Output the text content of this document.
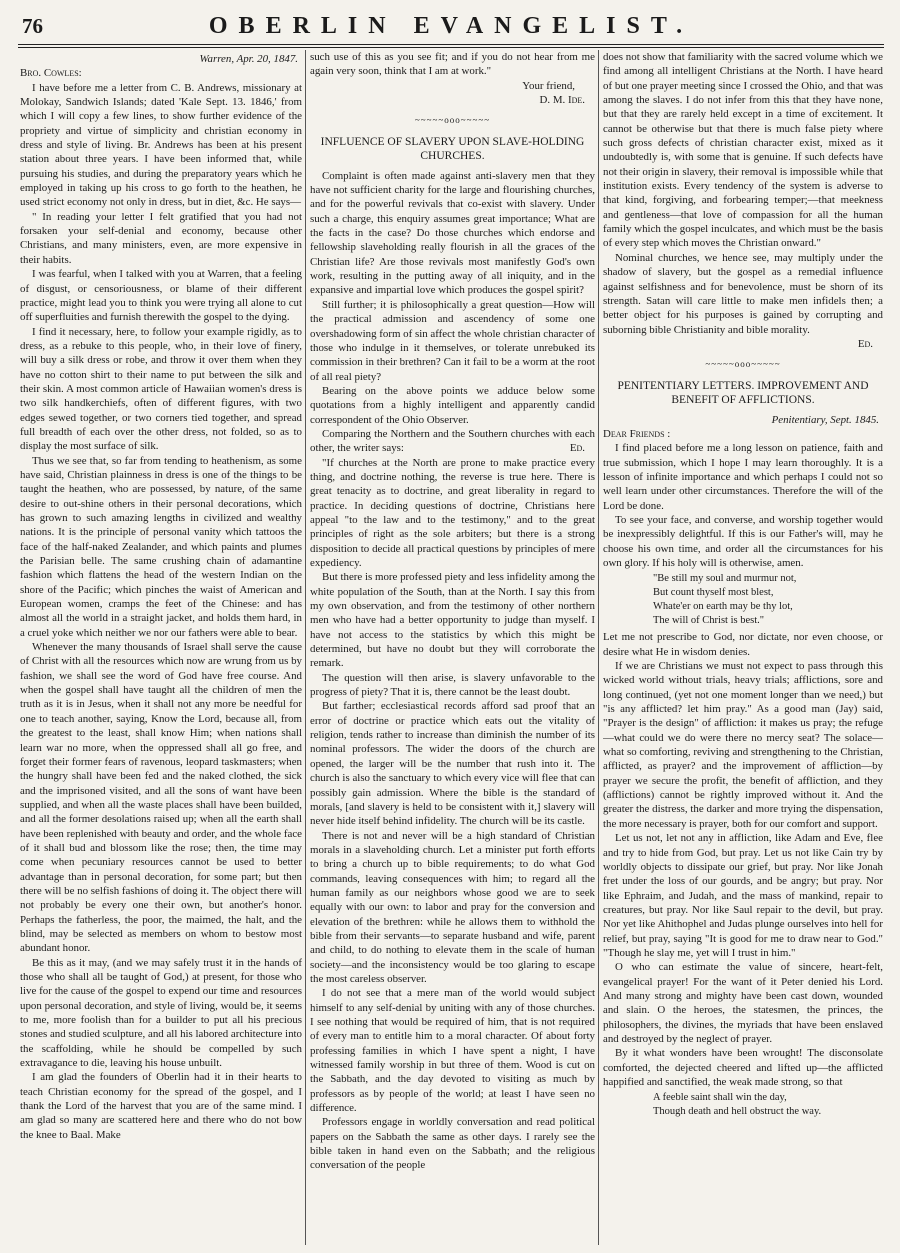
76	OBERLIN EVANGELIST.
Warren, Apr. 20, 1847.

Bro. Cowles:

I have before me a letter from C. B. Andrews, missionary at Molokay, Sandwich Islands; dated 'Kale Sept. 13. 1846,' from which I will copy a few lines, to show further evidence of the propriety and virtue of simplicity and christian economy in dress and style of living. Br. Andrews has been at his present station about three years. I have been informed that, while pursuing his studies, and during the preparatory years which he employed in taking up his cross to go forth to the heathen, he used strict economy not only in dress, but in diet, &c. He says—

" In reading your letter I felt gratified that you had not forsaken your self-denial and economy, because other Christians, and many ministers, even, are more expensive in their habits.

I was fearful, when I talked with you at Warren, that a feeling of disgust, or censoriousness, or blame of their different practice, might lead you to think you were trying all alone to cut off superfluities and furnish therewith the gospel to the dying.

I find it necessary, here, to follow your example rigidly, as to dress, as a rebuke to this people, who, in their love of finery, will buy a silk dress or robe, and throw it over them when they have no cotton shirt to their name to put between the silk and their skin. A most common article of Hawaiian women's dress is two silk handkerchiefs, often of different figures, with two edges sewed together, or two corners tied together, and spread full breadth of each over the other dress, not folded, so as to display the most surface of silk.

Thus we see that, so far from tending to heathenism, as some have said, Christian plainness in dress is one of the things to be taught the heathen, who are possessed, by nature, of the same desire to out-shine others in their personal decorations, which has grown to such amazing lengths in civilized and wealthy nations. It is the principle of personal vanity which tattoos the face of the half-naked Zealander, and which paints and plumes the Parisian belle. The same crushing chain of adamantine fashion which flattens the head of the western Indian on the shore of the Pacific; which pinches the waist of American and European women, cramps the feet of the Chinese: and has almost all the world in a straight jacket, and holds them hard, in a cruel yoke which neither we nor our fathers were able to bear.

Whenever the many thousands of Israel shall serve the cause of Christ with all the resources which now are wrung from us by fashion, we shall see the word of God have free course. And when the gospel shall have taught all the children of men the truth as it is in Jesus, when it shall not any more be needful for one to teach another, saying, Know the Lord, because all, from the greatest to the least, shall know Him; when nations shall learn war no more, when the oppressed shall all go free, and forget their former fears of ravenous, leopard taskmasters; when the hungry shall have been fed and the naked clothed, the sick and the imprisoned visited, and all the sons of want have been supplied, and when all the waste places shall have been builded, and all the former desolations raised up; when all the earth shall have been replenished with beauty and order, and the whole face of it shall bud and blossom like the rose; then, the time may come when pecuniary resources cannot be used to better advantage than in personal decoration, for some part; but then there will be no selfish fashions of doing it. The object there will not probably be every one their own, but another's honor. Perhaps the fatherless, the poor, the maimed, the halt, and the blind, may be selected as members on whom to bestow most abundant honor.

Be this as it may, (and we may safely trust it in the hands of those who shall all be taught of God,) at present, for those who live for the cause of the gospel to expend our time and resources upon personal decoration, and style of living, would be, it seems to me, more foolish than for a builder to put all his precious stones and studied sculpture, and all his labored architecture into the scaffolding, while he should be compelled by such extravagance to die, leaving his house unbuilt.

I am glad the founders of Oberlin had it in their hearts to teach Christian economy for the spread of the gospel, and I thank the Lord of the harvest that you are of the same mind. I am glad so many are scattered here and there who do not bow the knee to Baal. Make

such use of this as you see fit; and if you do not hear from me again very soon, think that I am at work."

Your friend,
D. M. Ide.
~~~~~ooo~~~~~
INFLUENCE OF SLAVERY UPON SLAVE-HOLDING CHURCHES.

Complaint is often made against anti-slavery men that they have not sufficient charity for the large and flourishing churches, and for the powerful revivals that co-exist with slavery. Under such a charge, this enquiry assumes great importance; What are the facts in the case? Do those churches which endorse and fellowship slaveholding really flourish in all the graces of the Christian life? Are those revivals most manifestly God's own work, resulting in the putting away of all iniquity, and in the expansive and impartial love which produces the gospel spirit?

Still further; it is philosophically a great question—How will the practical admission and ascendency of some one overshadowing form of sin affect the whole christian character of those who indulge in it themselves, or tolerate unrebuked its commission in their brethren? Can it fail to be a worm at the root of all real piety?

Bearing on the above points we adduce below some quotations from a highly intelligent and apparently candid correspondent of the Ohio Observer.

Comparing the Northern and the Southern churches with each other, the writer says:	Ed.

"If churches at the North are prone to make practice every thing, and doctrine nothing, the reverse is true here. There is great tenacity as to doctrine, and great liberality in regard to practice. In deciding questions of doctrine, Christians here appeal "to the law and to the testimony," and to the great principles of right as the sole arbiters; but there is a strong disposition to decide all practical questions by principles of mere expediency.

But there is more professed piety and less infidelity among the white population of the South, than at the North. I say this from my own observation, and from the testimony of other northern men who have had a better opportunity to judge than myself. I have not access to the statistics by which this might be determined, but have no doubt but they will corroborate the remark.

The question will then arise, is slavery unfavorable to the progress of piety? That it is, there cannot be the least doubt.

But farther; ecclesiastical records afford sad proof that an error of doctrine or practice which eats out the vitality of religion, tends rather to increase than diminish the number of its nominal professors. The wider the doors of the church are opened, the larger will be the number that rush into it. The church is also the sanctuary to which every vice will flee that can possibly gain admission. Where the bible is the standard of morals, [and slavery is held to be consistent with it,] slavery will never hide itself behind infidelity. The church will be its castle.

There is not and never will be a high standard of Christian morals in a slaveholding church. Let a minister put forth efforts to bring a church up to bible requirements; to do what God commands, leaving consequences with him; to regard all the human family as our neighbors whose good we are to seek equally with our own: to labor and pray for the conversion and elevation of the brethren: while he allows them to withhold the bible from their servants—to separate husband and wife, parent and child, to do nothing to elevate them in the scale of human society—and the inconsistency would be too glaring to escape the most careless observer.

I do not see that a mere man of the world would subject himself to any self-denial by uniting with any of those churches. I see nothing that would be required of him, that is not required of every man to entitle him to a moral character. Of about forty professing families in which I have spent a night, I have witnessed family worship in but three of them. Wood is cut on the Sabbath, and the day devoted to visiting as much by professors as by people of the world; at least I have seen no difference.

Professors engage in worldly conversation and read political papers on the Sabbath the same as other days. I rarely see the bible taken in hand even on the Sabbath; and the religious conversation of the people

does not show that familiarity with the sacred volume which we find among all intelligent Christians at the North. I have heard of but one prayer meeting since I crossed the Ohio, and that was among the slaves. I do not infer from this that they have none, but that they are rarely held except in a time of excitement. It cannot be otherwise but that there is much false piety where such gross defects of christian character exist, mixed as it undoubtedly is, with some that is genuine. If such defects have not their origin in slavery, their removal is impossible while that institution exists. Every tendency of the system is adverse to that kind, forgiving, and forbearing temper;—that meekness and gentleness—that love of compassion for all the human family which the gospel inculcates, and which must be the basis of every step which moves the Christian onward."

Nominal churches, we hence see, may multiply under the shadow of slavery, but the gospel as a remedial influence against selfishness and for benevolence, must be shorn of its strength. Satan will care little to make men infidels then; a better object for his purposes is gained by corrupting and suborning bible Christianity and bible morality.

Ed.
~~~~~ooo~~~~~
PENITENTIARY LETTERS. IMPROVEMENT AND BENEFIT OF AFFLICTIONS.
Penitentiary, Sept. 1845.

Dear Friends :

I find placed before me a long lesson on patience, faith and true submission, which I hope I may learn thoroughly. It is a lesson of infinite importance and which perhaps I could not so well learn under other circumstances. Therefore the will of the Lord be done.

To see your face, and converse, and worship together would be inexpressibly delightful. If this is our Father's will, may he choose his own time, and order all the circumstances for his own glory. If his holy will is otherwise, amen.

"Be still my soul and murmur not,
But count thyself most blest,
Whate'er on earth may be thy lot,
The will of Christ is best."

Let me not prescribe to God, nor dictate, nor even choose, or desire what He in wisdom denies.

If we are Christians we must not expect to pass through this wicked world without trials, heavy trials; afflictions, sore and long continued, (yet not one moment longer than we need,) but "is any afflicted? let him pray." As a good man (Jay) said, "Prayer is the design" of affliction: it makes us pray; the refuge—what could we do were there no mercy seat? The solace—what so comforting, reviving and strengthening to the Christian, afflicted, as prayer? and the improvement of affliction—by prayer we secure the profit, the benefit of affliction, and they (afflictions) cannot be rightly improved without it. And the greater the distress, the darker and more trying the dispensation, the more necessary is prayer, both for our comfort and support.

Let us not, let not any in affliction, like Adam and Eve, flee and try to hide from God, but pray. Let us not like Cain try by worldly objects to dissipate our grief, but pray. Nor like Jonah fret under the loss of our gourds, and be angry; but pray. Nor like Ephraim, and Judah, and the mass of mankind, repair to creatures, but pray. Nor like Saul repair to the devil, but pray. Nor yet like Ahithophel and Judas plunge ourselves into hell for relief, but pray, saying "It is good for me to draw near to God." "Though he slay me, yet will I trust in him."

O who can estimate the value of sincere, heart-felt, evangelical prayer! For the want of it Peter denied his Lord. And many strong and mighty have been cast down, wounded and slain. O the heroes, the statesmen, the princes, the philosophers, the divines, the myriads that have been enslaved and destroyed by the neglect of prayer.

By it what wonders have been wrought! The disconsolate comforted, the dejected cheered and lifted up—the afflicted happified and sanctified, the weak made strong, so that

A feeble saint shall win the day,
Though death and hell obstruct the way.
